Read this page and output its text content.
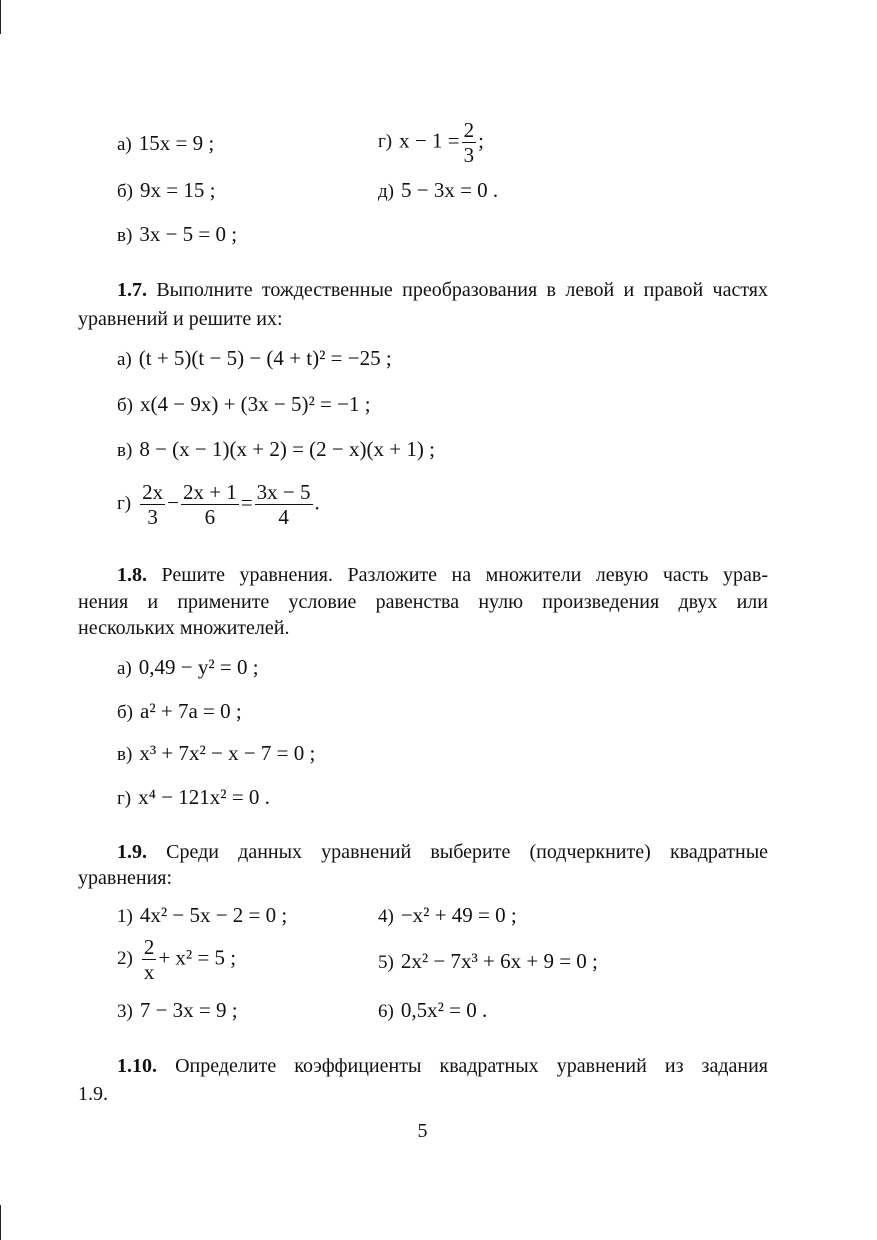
а) 15x = 9 ;	г) $x - 1 = \frac{2}{3}$ ;
б) 9x = 15 ;	д) 5 − 3x = 0 .
в) 3x − 5 = 0 ;
1.7. Выполните тождественные преобразования в левой и правой частях уравнений и решите их:
а) (t + 5)(t − 5) − (4 + t)² = −25 ;
б) x(4 − 9x) + (3x − 5)² = −1 ;
в) 8 − (x − 1)(x + 2) = (2 − x)(x + 1) ;
$г) \frac{2x}{3} - \frac{2x + 1}{6} = \frac{3x - 5}{4}$ .
1.8. Решите уравнения. Разложите на множители левую часть урав-
нения и примените условие равенства нулю произведения двух или
нескольких множителей.
а) 0,49 − y² = 0 ;
б) a² + 7a = 0 ;
в) x³ + 7x² − x − 7 = 0 ;
г) x⁴ − 121x² = 0 .
1.9. Среди данных уравнений выберите (подчеркните) квадратные
уравнения:
1) 4x² − 5x − 2 = 0 ;	4) −x² + 49 = 0 ;
$2) \frac{2}{x} + x^2 = 5$ ;	5) 2x² − 7x³ + 6x + 9 = 0 ;
3) 7 − 3x = 9 ;	6) 0,5x² = 0 .
1.10. Определите коэффициенты квадратных уравнений из задания
1.9.
5
